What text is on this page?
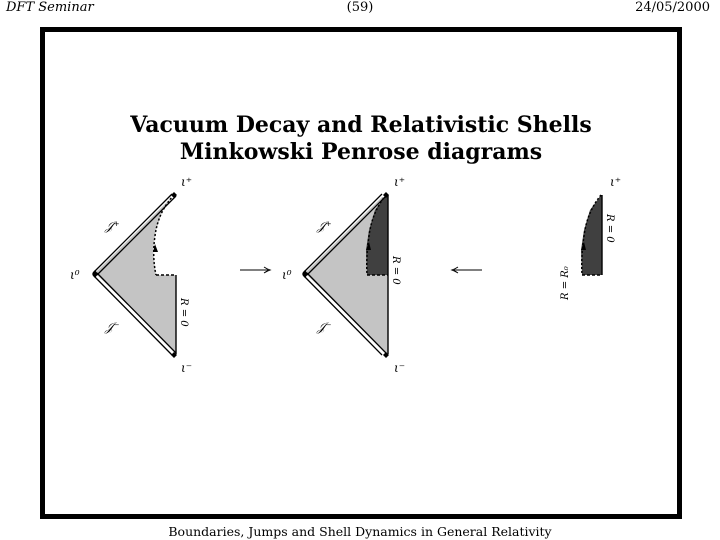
DFT Seminar	(59)	24/05/2000
Vacuum Decay and Relativistic Shells
Minkowski Penrose diagrams
ι⁺
ι⁻
ι⁰
𝒥⁺
𝒥⁻
R = 0
ι⁺
ι⁻
ι⁰
𝒥⁺
𝒥⁻
R = 0
ι⁺
R = 0
R = R₀
Boundaries, Jumps and Shell Dynamics in General Relativity
